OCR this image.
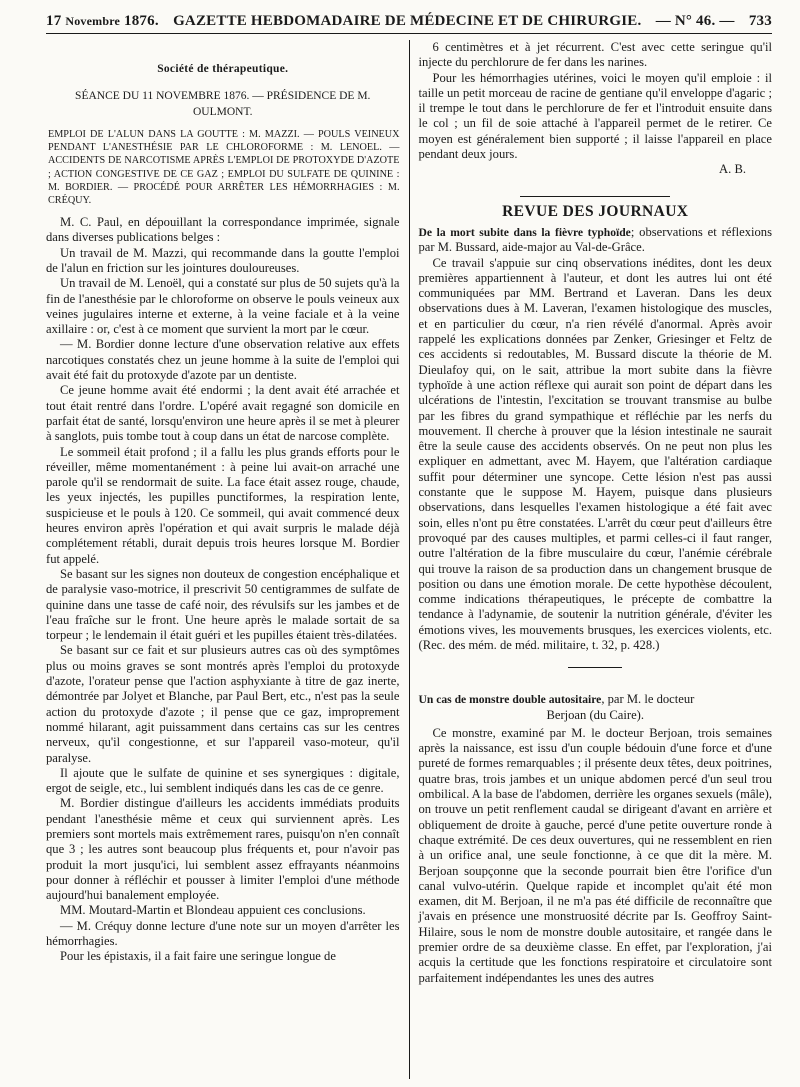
17 Novembre 1876. GAZETTE HEBDOMADAIRE DE MÉDECINE ET DE CHIRURGIE. — N° 46. — 733
Société de thérapeutique.
SÉANCE DU 11 NOVEMBRE 1876. — PRÉSIDENCE DE M. OULMONT.
EMPLOI DE L'ALUN DANS LA GOUTTE : M. MAZZI. — POULS VEINEUX PENDANT L'ANESTHÉSIE PAR LE CHLOROFORME : M. LENOEL. — ACCIDENTS DE NARCOTISME APRÈS L'EMPLOI DE PROTOXYDE D'AZOTE ; ACTION CONGESTIVE DE CE GAZ ; EMPLOI DU SULFATE DE QUININE : M. BORDIER. — PROCÉDÉ POUR ARRÊTER LES HÉMORRHAGIES : M. CRÉQUY.

M. C. Paul, en dépouillant la correspondance imprimée, signale dans diverses publications belges :

Un travail de M. Mazzi, qui recommande dans la goutte l'emploi de l'alun en friction sur les jointures douloureuses.

Un travail de M. Lenoël, qui a constaté sur plus de 50 sujets qu'à la fin de l'anesthésie par le chloroforme on observe le pouls veineux aux veines jugulaires interne et externe, à la veine faciale et à la veine axillaire : or, c'est à ce moment que survient la mort par le cœur.

— M. Bordier donne lecture d'une observation relative aux effets narcotiques constatés chez un jeune homme à la suite de l'emploi qui avait été fait du protoxyde d'azote par un dentiste.

Ce jeune homme avait été endormi ; la dent avait été arrachée et tout était rentré dans l'ordre. L'opéré avait regagné son domicile en parfait état de santé, lorsqu'environ une heure après il se met à pleurer à sanglots, puis tombe tout à coup dans un état de narcose complète.

Le sommeil était profond ; il a fallu les plus grands efforts pour le réveiller, même momentanément : à peine lui avait-on arraché une parole qu'il se rendormait de suite. La face était assez rouge, chaude, les yeux injectés, les pupilles punctiformes, la respiration lente, suspicieuse et le pouls à 120. Ce sommeil, qui avait commencé deux heures environ après l'opération et qui avait surpris le malade déjà complétement rétabli, durait depuis trois heures lorsque M. Bordier fut appelé.

Se basant sur les signes non douteux de congestion encéphalique et de paralysie vaso-motrice, il prescrivit 50 centigrammes de sulfate de quinine dans une tasse de café noir, des révulsifs sur les jambes et de l'eau fraîche sur le front. Une heure après le malade sortait de sa torpeur ; le lendemain il était guéri et les pupilles étaient très-dilatées.

Se basant sur ce fait et sur plusieurs autres cas où des symptômes plus ou moins graves se sont montrés après l'emploi du protoxyde d'azote, l'orateur pense que l'action asphyxiante à titre de gaz inerte, démontrée par Jolyet et Blanche, par Paul Bert, etc., n'est pas la seule action du protoxyde d'azote ; il pense que ce gaz, improprement nommé hilarant, agit puissamment dans certains cas sur les centres nerveux, qu'il congestionne, et sur l'appareil vaso-moteur, qu'il paralyse.

Il ajoute que le sulfate de quinine et ses synergiques : digitale, ergot de seigle, etc., lui semblent indiqués dans les cas de ce genre.

M. Bordier distingue d'ailleurs les accidents immédiats produits pendant l'anesthésie même et ceux qui surviennent après. Les premiers sont mortels mais extrêmement rares, puisqu'on n'en connaît que 3 ; les autres sont beaucoup plus fréquents et, pour n'avoir pas produit la mort jusqu'ici, lui semblent assez effrayants néanmoins pour donner à réfléchir et pousser à limiter l'emploi d'une méthode aujourd'hui banalement employée.

MM. Moutard-Martin et Blondeau appuient ces conclusions.

— M. Créquy donne lecture d'une note sur un moyen d'arrêter les hémorrhagies.

Pour les épistaxis, il a fait faire une seringue longue de

6 centimètres et à jet récurrent. C'est avec cette seringue qu'il injecte du perchlorure de fer dans les narines.

Pour les hémorrhagies utérines, voici le moyen qu'il emploie : il taille un petit morceau de racine de gentiane qu'il enveloppe d'agaric ; il trempe le tout dans le perchlorure de fer et l'introduit ensuite dans le col ; un fil de soie attaché à l'appareil permet de le retirer. Ce moyen est généralement bien supporté ; il laisse l'appareil en place pendant deux jours.

A. B.
REVUE DES JOURNAUX

De la mort subite dans la fièvre typhoïde; observations et réflexions par M. Bussard, aide-major au Val-de-Grâce.

Ce travail s'appuie sur cinq observations inédites, dont les deux premières appartiennent à l'auteur, et dont les autres lui ont été communiquées par MM. Bertrand et Laveran. Dans les deux observations dues à M. Laveran, l'examen histologique des muscles, et en particulier du cœur, n'a rien révélé d'anormal. Après avoir rappelé les explications données par Zenker, Griesinger et Feltz de ces accidents si redoutables, M. Bussard discute la théorie de M. Dieulafoy qui, on le sait, attribue la mort subite dans la fièvre typhoïde à une action réflexe qui aurait son point de départ dans les ulcérations de l'intestin, l'excitation se trouvant transmise au bulbe par les fibres du grand sympathique et réfléchie par les nerfs du mouvement. Il cherche à prouver que la lésion intestinale ne saurait être la seule cause des accidents observés. On ne peut non plus les expliquer en admettant, avec M. Hayem, que l'altération cardiaque suffit pour déterminer une syncope. Cette lésion n'est pas aussi constante que le suppose M. Hayem, puisque dans plusieurs observations, dans lesquelles l'examen histologique a été fait avec soin, elles n'ont pu être constatées. L'arrêt du cœur peut d'ailleurs être provoqué par des causes multiples, et parmi celles-ci il faut ranger, outre l'altération de la fibre musculaire du cœur, l'anémie cérébrale qui trouve la raison de sa production dans un changement brusque de position ou dans une émotion morale. De cette hypothèse découlent, comme indications thérapeutiques, le précepte de combattre la tendance à l'adynamie, de soutenir la nutrition générale, d'éviter les émotions vives, les mouvements brusques, les exercices violents, etc. (Rec. des mém. de méd. militaire, t. 32, p. 428.)

Un cas de monstre double autositaire, par M. le docteur

Berjoan (du Caire).

Ce monstre, examiné par M. le docteur Berjoan, trois semaines après la naissance, est issu d'un couple bédouin d'une force et d'une pureté de formes remarquables ; il présente deux têtes, deux poitrines, quatre bras, trois jambes et un unique abdomen percé d'un seul trou ombilical. A la base de l'abdomen, derrière les organes sexuels (mâle), on trouve un petit renflement caudal se dirigeant d'avant en arrière et obliquement de droite à gauche, percé d'une petite ouverture ronde à chaque extrémité. De ces deux ouvertures, qui ne ressemblent en rien à un orifice anal, une seule fonctionne, à ce que dit la mère. M. Berjoan soupçonne que la seconde pourrait bien être l'orifice d'un canal vulvo-utérin. Quelque rapide et incomplet qu'ait été mon examen, dit M. Berjoan, il ne m'a pas été difficile de reconnaître que j'avais en présence une monstruosité décrite par Is. Geoffroy Saint-Hilaire, sous le nom de monstre double autositaire, et rangée dans le premier ordre de sa deuxième classe. En effet, par l'exploration, j'ai acquis la certitude que les fonctions respiratoire et circulatoire sont parfaitement indépendantes les unes des autres
